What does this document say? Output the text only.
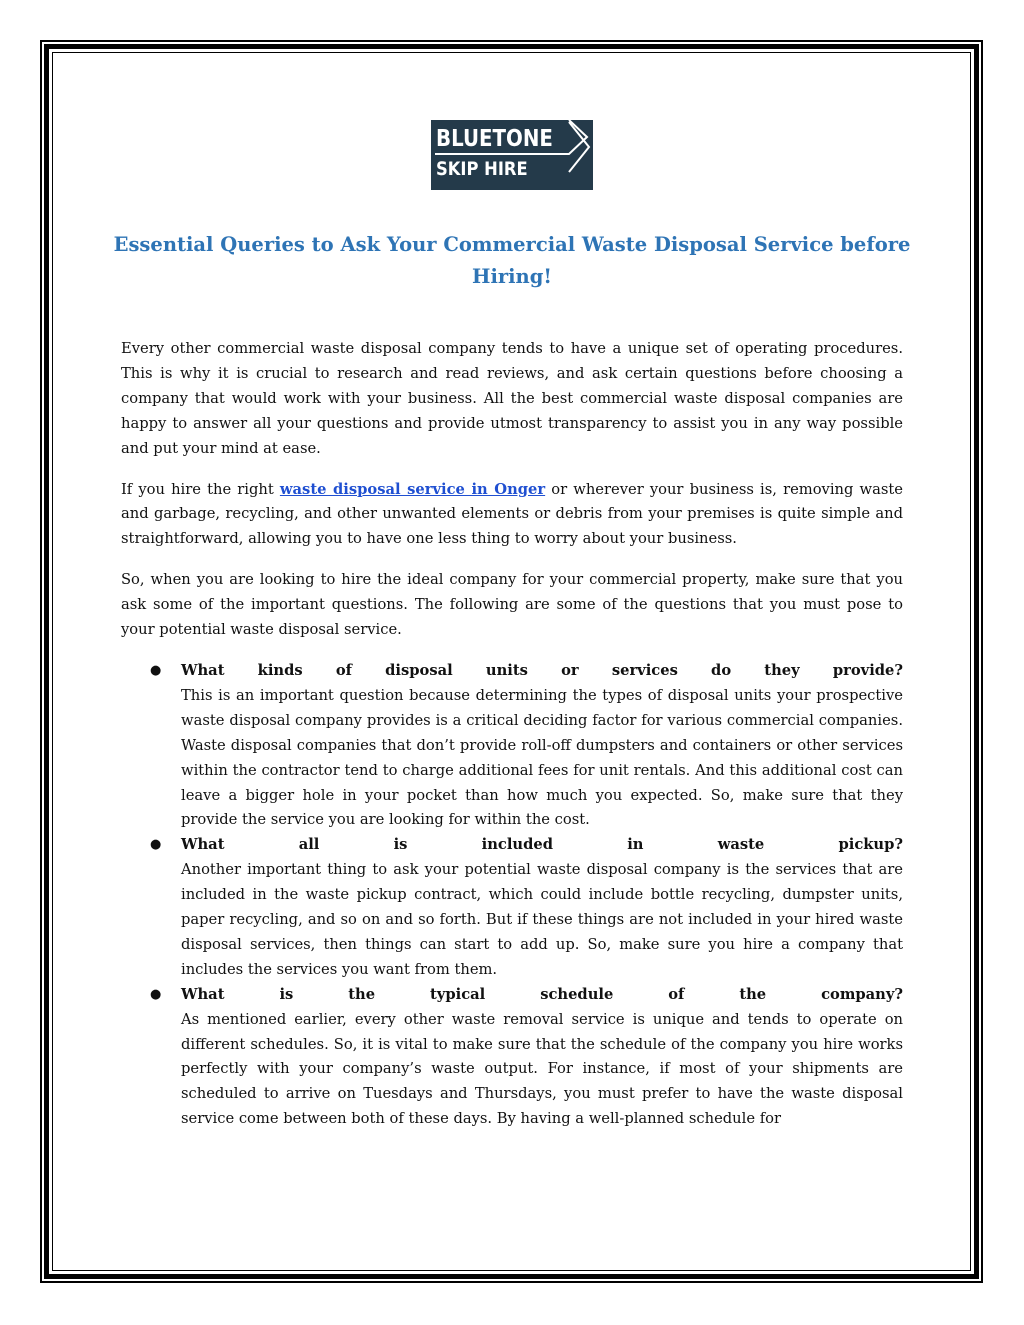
BLUETONE
SKIP HIRE
Essential Queries to Ask Your Commercial Waste Disposal Service before Hiring!

Every other commercial waste disposal company tends to have a unique set of operating procedures. This is why it is crucial to research and read reviews, and ask certain questions before choosing a company that would work with your business. All the best commercial waste disposal companies are happy to answer all your questions and provide utmost transparency to assist you in any way possible and put your mind at ease.

If you hire the right waste disposal service in Onger or wherever your business is, removing waste and garbage, recycling, and other unwanted elements or debris from your premises is quite simple and straightforward, allowing you to have one less thing to worry about your business.

So, when you are looking to hire the ideal company for your commercial property, make sure that you ask some of the important questions. The following are some of the questions that you must pose to your potential waste disposal service.

● What kinds of disposal units or services do they provide?
This is an important question because determining the types of disposal units your prospective waste disposal company provides is a critical deciding factor for various commercial companies. Waste disposal companies that don’t provide roll-off dumpsters and containers or other services within the contractor tend to charge additional fees for unit rentals. And this additional cost can leave a bigger hole in your pocket than how much you expected. So, make sure that they provide the service you are looking for within the cost.
● What all is included in waste pickup?
Another important thing to ask your potential waste disposal company is the services that are included in the waste pickup contract, which could include bottle recycling, dumpster units, paper recycling, and so on and so forth. But if these things are not included in your hired waste disposal services, then things can start to add up. So, make sure you hire a company that includes the services you want from them.
● What is the typical schedule of the company?
As mentioned earlier, every other waste removal service is unique and tends to operate on different schedules. So, it is vital to make sure that the schedule of the company you hire works perfectly with your company’s waste output. For instance, if most of your shipments are scheduled to arrive on Tuesdays and Thursdays, you must prefer to have the waste disposal service come between both of these days. By having a well-planned schedule for
